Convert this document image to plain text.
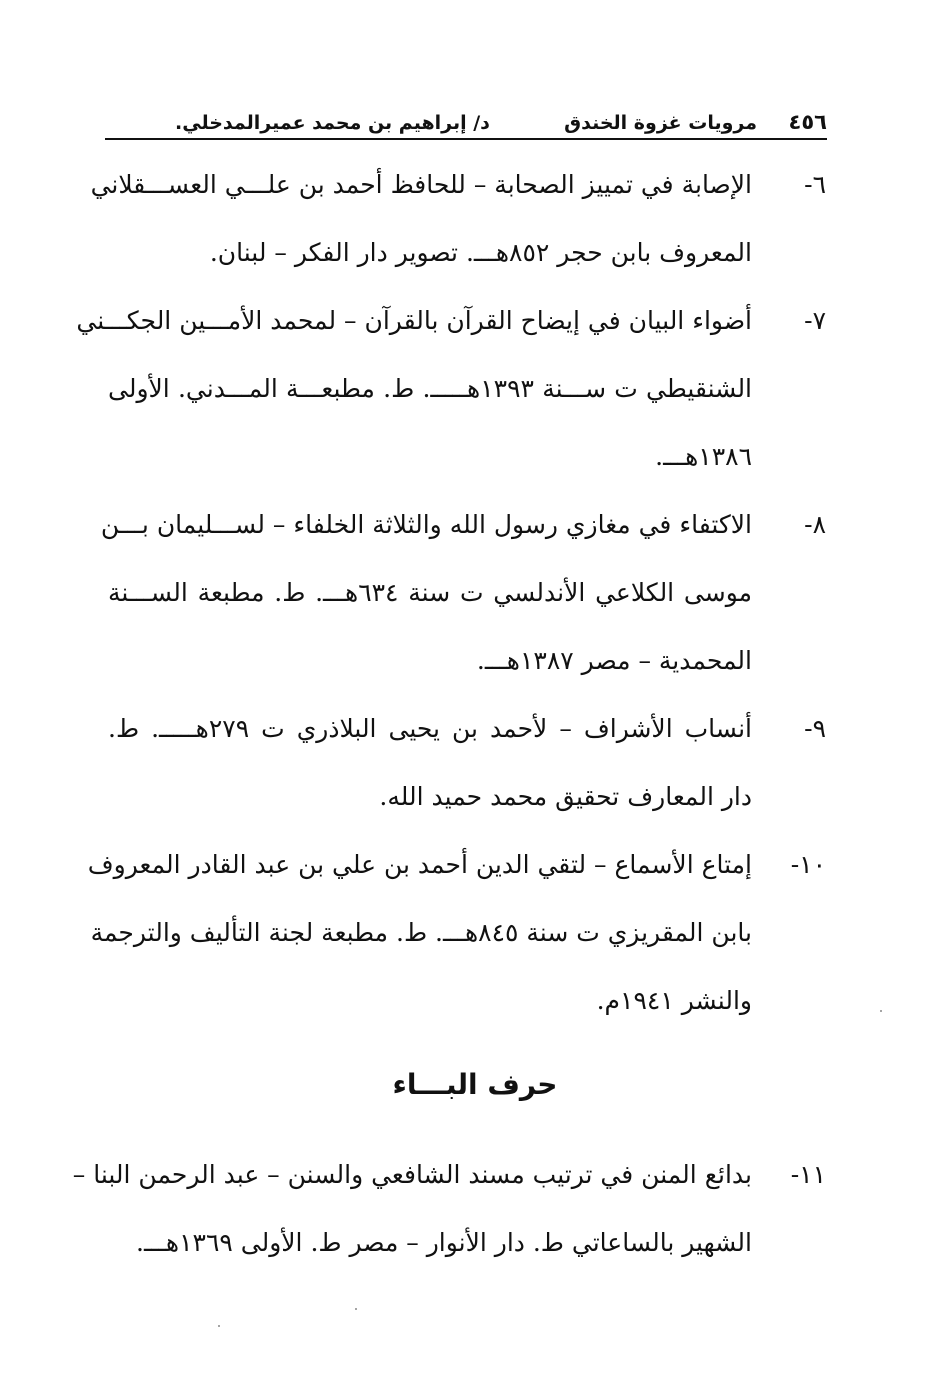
٤٥٦
مرويات غزوة الخندق
د/ إبراهيم بن محمد عميرالمدخلي.
٦-
الإصابة في تمييز الصحابة – للحافظ أحمد بن علـــي العســـقلاني
المعروف بابن حجر ٨٥٢هـــ. تصوير دار الفكر – لبنان.
٧-
أضواء البيان في إيضاح القرآن بالقرآن – لمحمد الأمـــين الجكـــني
الشنقيطي ت ســـنة ١٣٩٣هـــــ. ط. مطبعـــة المـــدني. الأولى
١٣٨٦هـــ.
٨-
الاكتفاء في مغازي رسول الله والثلاثة الخلفاء – لســـليمان بـــن
موسى الكلاعي الأندلسي ت سنة ٦٣٤هـــ. ط. مطبعة الســـنة
المحمدية – مصر ١٣٨٧هـــ.
٩-
أنساب الأشراف – لأحمد بن يحيى البلاذري ت ٢٧٩هـــــ. ط.
دار المعارف تحقيق محمد حميد الله.
١٠-
إمتاع الأسماع – لتقي الدين أحمد بن علي بن عبد القادر المعروف
بابن المقريزي ت سنة ٨٤٥هـــ. ط. مطبعة لجنة التأليف والترجمة
والنشر ١٩٤١م.
حرف البـــاء
١١-
بدائع المنن في ترتيب مسند الشافعي والسنن – عبد الرحمن البنا –
الشهير بالساعاتي ط. دار الأنوار – مصر ط. الأولى ١٣٦٩هـــ.
